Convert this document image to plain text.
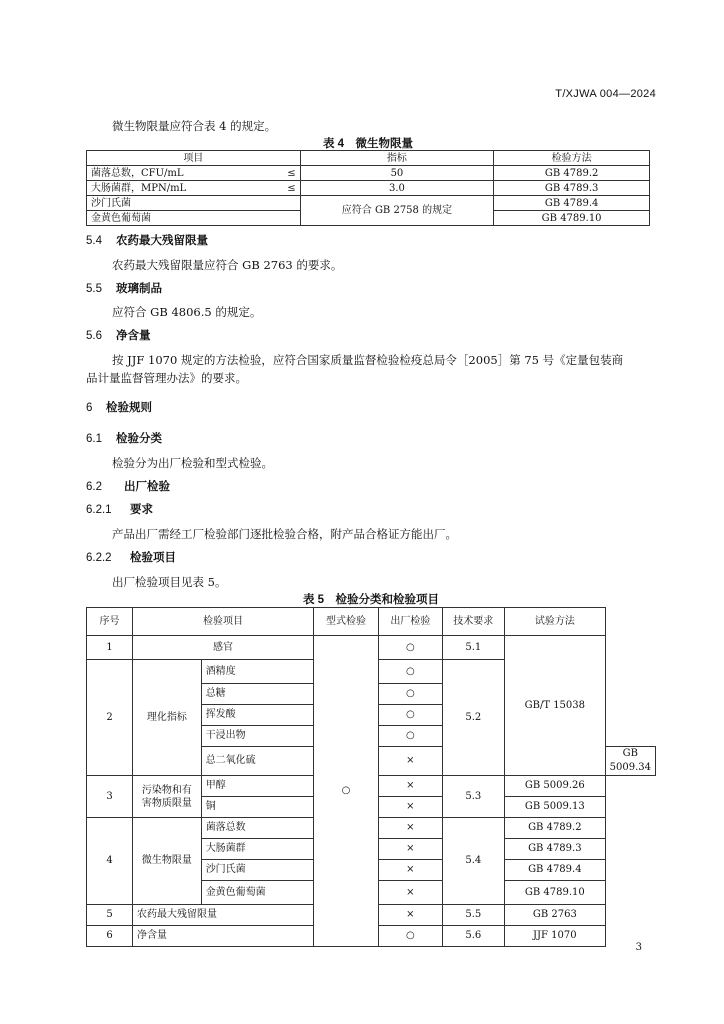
T/XJWA 004—2024
微生物限量应符合表 4 的规定。
表 4　微生物限量
项目	指标	检验方法

菌落总数，CFU/mL ≤	50	GB 4789.2

大肠菌群，MPN/mL ≤	3.0	GB 4789.3
沙门氏菌	应符合 GB 2758 的规定	GB 4789.4
金黄色葡萄菌		GB 4789.10
5.4 农药最大残留限量
农药最大残留限量应符合 GB 2763 的要求。
5.5 玻璃制品
应符合 GB 4806.5 的规定。
5.6 净含量
按 JJF 1070 规定的方法检验，应符合国家质量监督检验检疫总局令［2005］第 75 号《定量包装商
品计量监督管理办法》的要求。
6 检验规则
6.1 检验分类
检验分为出厂检验和型式检验。
6.2 出厂检验
6.2.1 要求
产品出厂需经工厂检验部门逐批检验合格，附产品合格证方能出厂。
6.2.2 检验项目
出厂检验项目见表 5。
表 5　检验分类和检验项目
序号	检验项目		型式检验	出厂检验	技术要求	试验方法	
1	感官		○	○	5.1	GB/T 15038	
2	理化指标	酒精度		○	5.2		
		总糖		○			
		挥发酸		○			
		干浸出物		○			
		总二氧化硫		×			GB 5009.34
3	污染物和有
害物质限量	甲醇		×	5.3	GB 5009.26	
		铜		×		GB 5009.13	
4	微生物限量	菌落总数		×	5.4	GB 4789.2	
		大肠菌群		×		GB 4789.3	
		沙门氏菌		×		GB 4789.4	
		金黄色葡萄菌		×		GB 4789.10	
5	农药最大残留限量			×	5.5	GB 2763	
6	净含量			○	5.6	JJF 1070	
3
